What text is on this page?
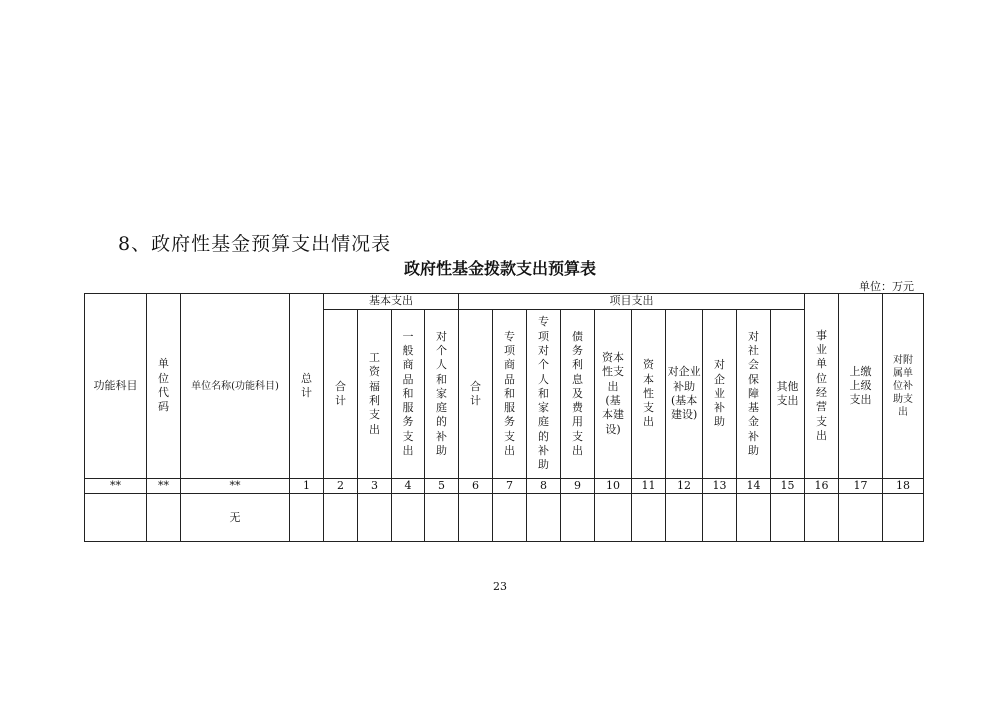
8、政府性基金预算支出情况表
政府性基金拨款支出预算表
单位：万元
功能科目	单位代码	单位名称(功能科目)	总计	基本支出				项目支出										事业单位经营支出	上缴上级支出	对附属单位补助支出
				合计	工资福利支出	一般商品和服务支出	对个人和家庭的补助	合计	专项商品和服务支出	专项对个人和家庭的补助	债务利息及费用支出	资本性支出(基本建设)	资本性支出	对企业补助(基本建设)	对企业补助	对社会保障基金补助	其他支出			
**	**	**	1	2	3	4	5	6	7	8	9	10	11	12	13	14	15	16	17	18
		无																		
23
